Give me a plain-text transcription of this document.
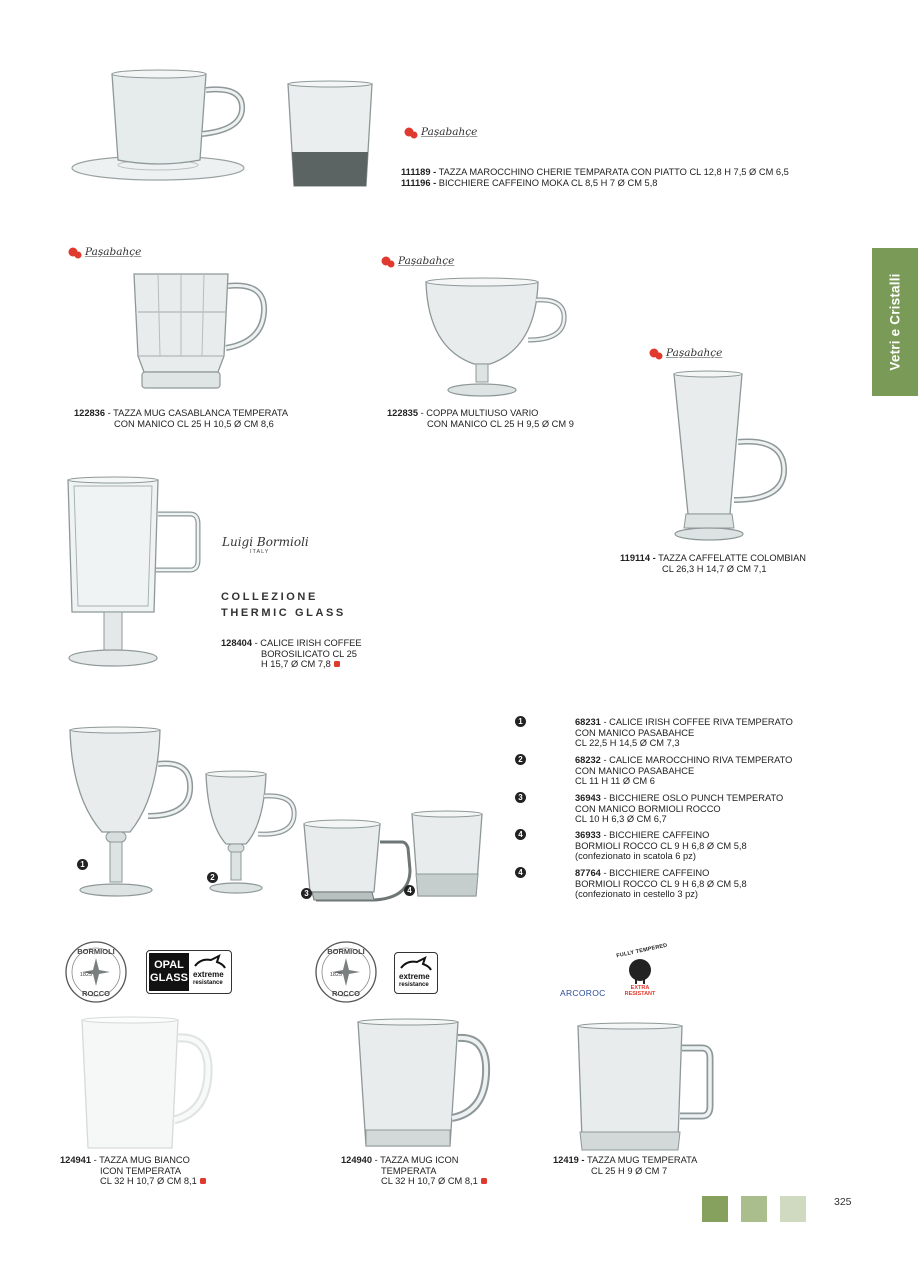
Vetri e Cristalli
Paşabahçe
111189 - TAZZA MAROCCHINO CHERIE TEMPARATA CON PIATTO CL 12,8 H 7,5 Ø CM 6,5
111196 - BICCHIERE CAFFEINO MOKA CL 8,5 H 7 Ø CM 5,8
Paşabahçe
122836 - TAZZA MUG CASABLANCA TEMPERATA
CON MANICO CL 25 H 10,5 Ø CM 8,6
Paşabahçe
122835 - COPPA MULTIUSO VARIO
CON MANICO CL 25 H 9,5 Ø CM 9
Paşabahçe
119114 - TAZZA CAFFELATTE COLOMBIAN
CL 26,3 H 14,7 Ø CM 7,1
Luigi Bormioli
ITALY
COLLEZIONE
THERMIC GLASS
128404 - CALICE IRISH COFFEE
BOROSILICATO CL 25
H 15,7 Ø CM 7,8
1
2
3	4
1	68231 - CALICE IRISH COFFEE RIVA TEMPERATO
CON MANICO PASABAHCE
CL 22,5 H 14,5 Ø CM 7,3
2	68232 - CALICE MAROCCHINO RIVA TEMPERATO
CON MANICO PASABAHCE
CL 11 H 11 Ø CM 6
3	36943 - BICCHIERE OSLO PUNCH TEMPERATO
CON MANICO BORMIOLI ROCCO
CL 10 H 6,3 Ø CM 6,7
4	36933 - BICCHIERE CAFFEINO
BORMIOLI ROCCO CL 9 H 6,8 Ø CM 5,8
(confezionato in scatola 6 pz)
4	87764 - BICCHIERE CAFFEINO
BORMIOLI ROCCO CL 9 H 6,8 Ø CM 5,8
(confezionato in cestello 3 pz)
BORMIOLI
1825
ROCCO
OPAL
GLASS extreme
resistance
BORMIOLI
1825
ROCCO
extreme
resistance
ARCOROC
FULLY TEMPERED
EXTRA
RESISTANT
124941 - TAZZA MUG BIANCO
ICON TEMPERATA
CL 32 H 10,7 Ø CM 8,1
124940 - TAZZA MUG ICON
TEMPERATA
CL 32 H 10,7 Ø CM 8,1
12419 - TAZZA MUG TEMPERATA
CL 25 H 9 Ø CM 7
325
